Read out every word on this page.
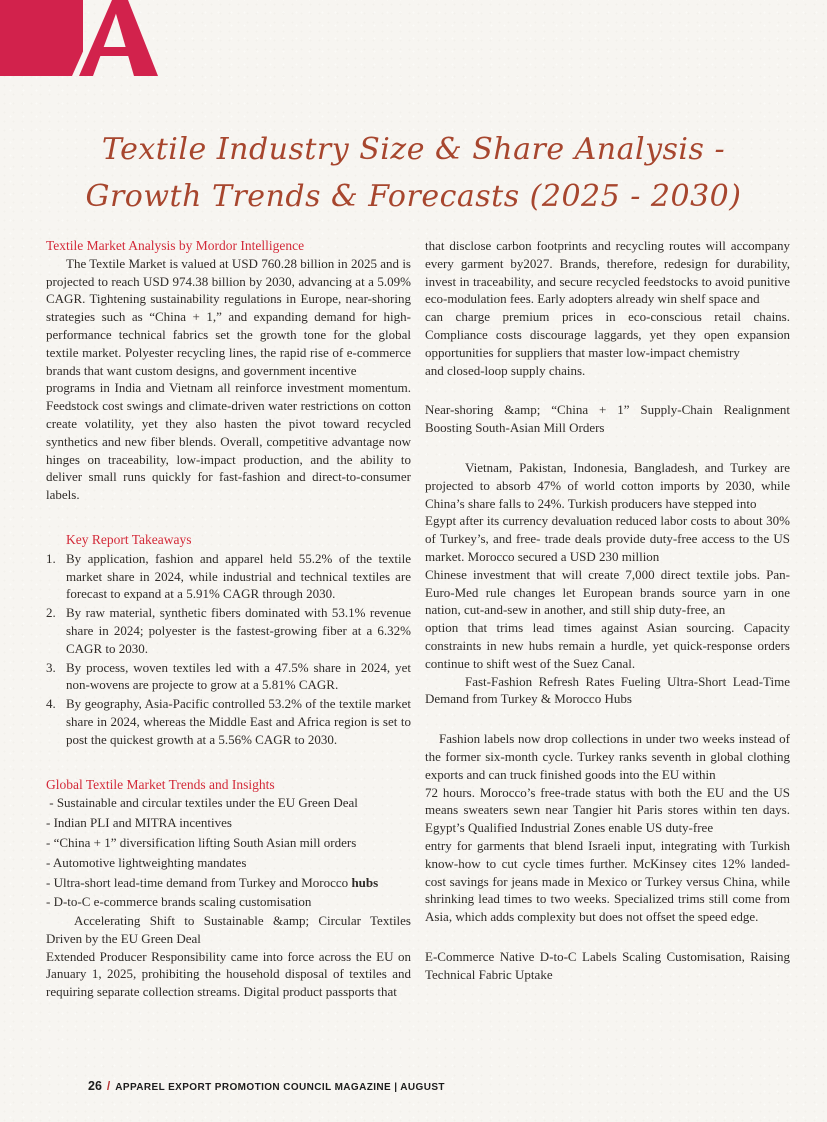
Textile Industry Size & Share Analysis -
Growth Trends & Forecasts (2025 - 2030)

Textile Market Analysis by Mordor Intelligence

The Textile Market is valued at USD 760.28 billion in 2025 and is projected to reach USD 974.38 billion by 2030, advancing at a 5.09% CAGR. Tightening sustainability regulations in Europe, near-shoring strategies such as “China + 1,” and expanding demand for high-performance technical fabrics set the growth tone for the global textile market. Polyester recycling lines, the rapid rise of e-commerce brands that want custom designs, and government incentive

programs in India and Vietnam all reinforce investment momentum. Feedstock cost swings and climate-driven water restrictions on cotton create volatility, yet they also hasten the pivot toward recycled synthetics and new fiber blends. Overall, competitive advantage now hinges on traceability, low-impact production, and the ability to deliver small runs quickly for fast-fashion and direct-to-consumer labels.

Key Report Takeaways

1. By application, fashion and apparel held 55.2% of the textile market share in 2024, while industrial and technical textiles are forecast to expand at a 5.91% CAGR through 2030.
2. By raw material, synthetic fibers dominated with 53.1% revenue share in 2024; polyester is the fastest-growing fiber at a 6.32% CAGR to 2030.
3. By process, woven textiles led with a 47.5% share in 2024, yet non-wovens are projecte to grow at a 5.81% CAGR.
4. By geography, Asia-Pacific controlled 53.2% of the textile market share in 2024, whereas the Middle East and Africa region is set to post the quickest growth at a 5.56% CAGR to 2030.

Global Textile Market Trends and Insights

- Sustainable and circular textiles under the EU Green Deal

- Indian PLI and MITRA incentives

- “China + 1” diversification lifting South Asian mill orders

- Automotive lightweighting mandates

- Ultra-short lead-time demand from Turkey and Morocco hubs

- D-to-C e-commerce brands scaling customisation

Accelerating Shift to Sustainable &amp; Circular Textiles Driven by the EU Green Deal

Extended Producer Responsibility came into force across the EU on January 1, 2025, prohibiting the household disposal of textiles and requiring separate collection streams. Digital product passports that

that disclose carbon footprints and recycling routes will accompany every garment by2027. Brands, therefore, redesign for durability, invest in traceability, and secure recycled feedstocks to avoid punitive eco-modulation fees. Early adopters already win shelf space and

can charge premium prices in eco-conscious retail chains. Compliance costs discourage laggards, yet they open expansion opportunities for suppliers that master low-impact chemistry

and closed-loop supply chains.

Near-shoring &amp; “China + 1” Supply-Chain Realignment Boosting South-Asian Mill Orders

Vietnam, Pakistan, Indonesia, Bangladesh, and Turkey are projected to absorb 47% of world cotton imports by 2030, while China’s share falls to 24%. Turkish producers have stepped into

Egypt after its currency devaluation reduced labor costs to about 30% of Turkey’s, and free- trade deals provide duty-free access to the US market. Morocco secured a USD 230 million

Chinese investment that will create 7,000 direct textile jobs. Pan-Euro-Med rule changes let European brands source yarn in one nation, cut-and-sew in another, and still ship duty-free, an

option that trims lead times against Asian sourcing. Capacity constraints in new hubs remain a hurdle, yet quick-response orders continue to shift west of the Suez Canal.

Fast-Fashion Refresh Rates Fueling Ultra-Short Lead-Time Demand from Turkey & Morocco Hubs

Fashion labels now drop collections in under two weeks instead of the former six-month cycle. Turkey ranks seventh in global clothing exports and can truck finished goods into the EU within

72 hours. Morocco’s free-trade status with both the EU and the US means sweaters sewn near Tangier hit Paris stores within ten days. Egypt’s Qualified Industrial Zones enable US duty-free

entry for garments that blend Israeli input, integrating with Turkish know-how to cut cycle times further. McKinsey cites 12% landed-cost savings for jeans made in Mexico or Turkey versus China, while shrinking lead times to two weeks. Specialized trims still come from Asia, which adds complexity but does not offset the speed edge.

E-Commerce Native D-to-C Labels Scaling Customisation, Raising Technical Fabric Uptake

26 / APPAREL EXPORT PROMOTION COUNCIL MAGAZINE | AUGUST
